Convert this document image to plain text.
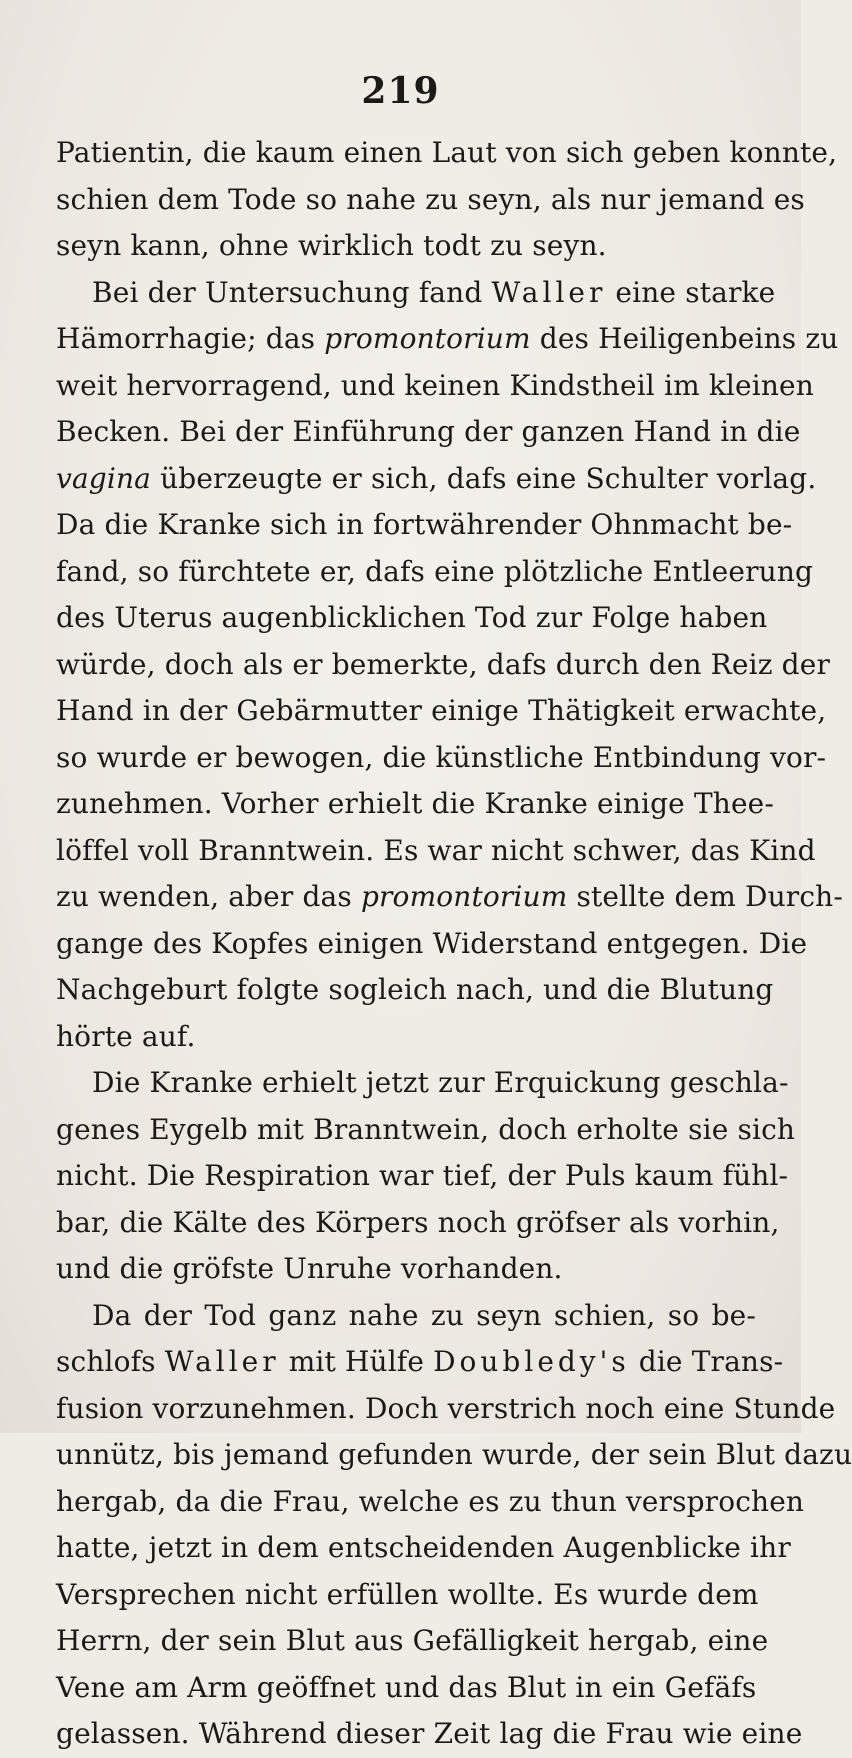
219
Patientin, die kaum einen Laut von sich geben konnte,
schien dem Tode so nahe zu seyn, als nur jemand es
seyn kann, ohne wirklich todt zu seyn.
Bei der Untersuchung fand Waller eine starke
Hämorrhagie; das promontorium des Heiligenbeins zu
weit hervorragend, und keinen Kindstheil im kleinen
Becken. Bei der Einführung der ganzen Hand in die
vagina überzeugte er sich, dafs eine Schulter vorlag.
Da die Kranke sich in fortwährender Ohnmacht be-
fand, so fürchtete er, dafs eine plötzliche Entleerung
des Uterus augenblicklichen Tod zur Folge haben
würde, doch als er bemerkte, dafs durch den Reiz der
Hand in der Gebärmutter einige Thätigkeit erwachte,
so wurde er bewogen, die künstliche Entbindung vor-
zunehmen. Vorher erhielt die Kranke einige Thee-
löffel voll Branntwein. Es war nicht schwer, das Kind
zu wenden, aber das promontorium stellte dem Durch-
gange des Kopfes einigen Widerstand entgegen. Die
Nachgeburt folgte sogleich nach, und die Blutung
hörte auf.
Die Kranke erhielt jetzt zur Erquickung geschla-
genes Eygelb mit Branntwein, doch erholte sie sich
nicht. Die Respiration war tief, der Puls kaum fühl-
bar, die Kälte des Körpers noch gröfser als vorhin,
und die gröfste Unruhe vorhanden.
Da der Tod ganz nahe zu seyn schien, so be-
schlofs Waller mit Hülfe Doubledy's die Trans-
fusion vorzunehmen. Doch verstrich noch eine Stunde
unnütz, bis jemand gefunden wurde, der sein Blut dazu
hergab, da die Frau, welche es zu thun versprochen
hatte, jetzt in dem entscheidenden Augenblicke ihr
Versprechen nicht erfüllen wollte. Es wurde dem
Herrn, der sein Blut aus Gefälligkeit hergab, eine
Vene am Arm geöffnet und das Blut in ein Gefäfs
gelassen. Während dieser Zeit lag die Frau wie eine
